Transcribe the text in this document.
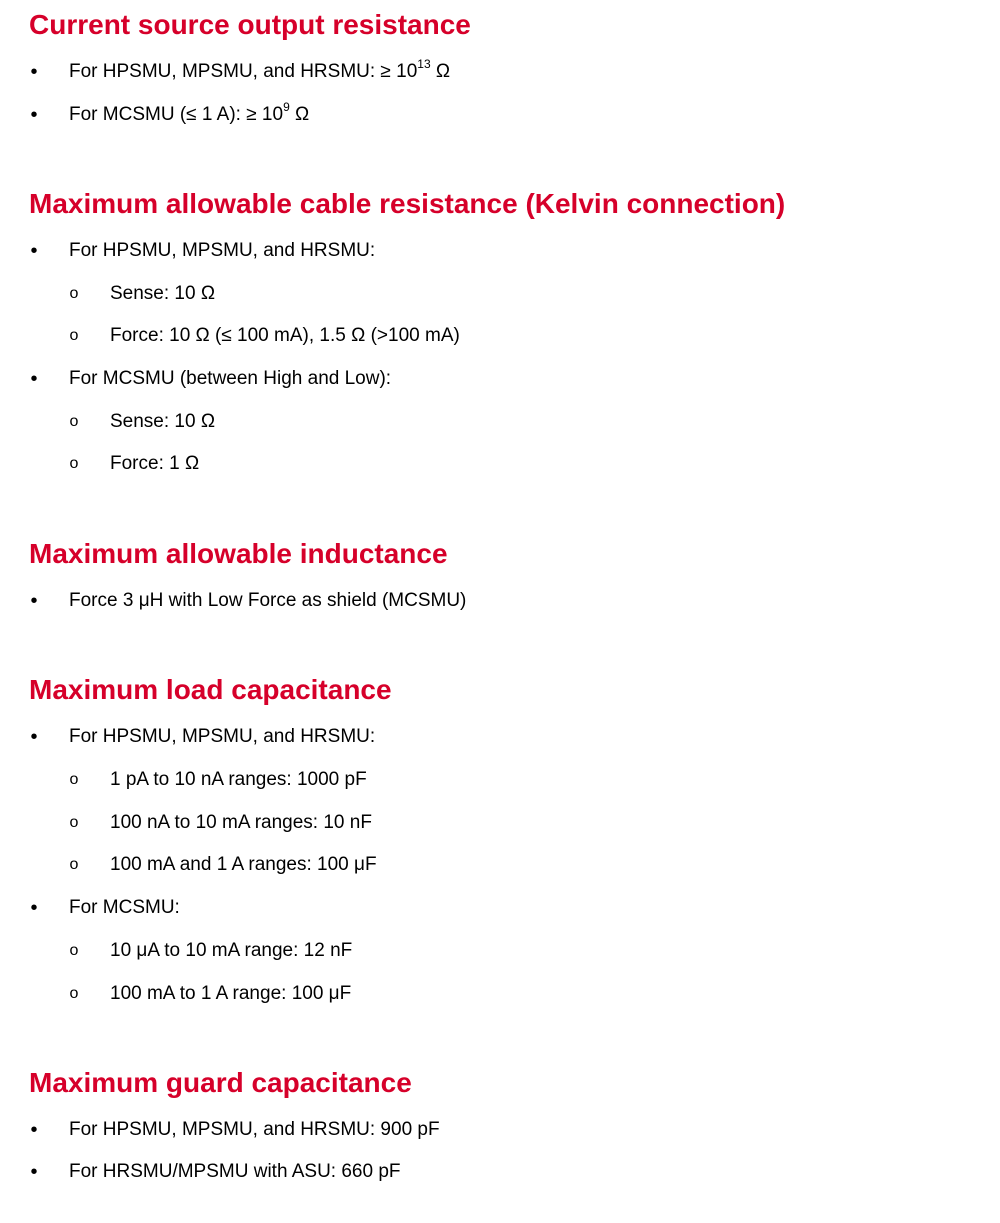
Current source output resistance
•	For HPSMU, MPSMU, and HRSMU: ≥ $10^{13}$ Ω
•	For MCSMU (≤ 1 A): ≥ $10^9$ Ω
Maximum allowable cable resistance (Kelvin connection)
•	For HPSMU, MPSMU, and HRSMU:
o Sense: 10 Ω
o Force: 10 Ω (≤ 100 mA), 1.5 Ω (>100 mA)
•	For MCSMU (between High and Low):
o Sense: 10 Ω
o Force: 1 Ω
Maximum allowable inductance
•	Force 3 μH with Low Force as shield (MCSMU)
Maximum load capacitance
•	For HPSMU, MPSMU, and HRSMU:
o 1 pA to 10 nA ranges: 1000 pF
o 100 nA to 10 mA ranges: 10 nF
o 100 mA and 1 A ranges: 100 μF
•	For MCSMU:
o 10 μA to 10 mA range: 12 nF
o 100 mA to 1 A range: 100 μF
Maximum guard capacitance
•	For HPSMU, MPSMU, and HRSMU: 900 pF
•	For HRSMU/MPSMU with ASU: 660 pF
